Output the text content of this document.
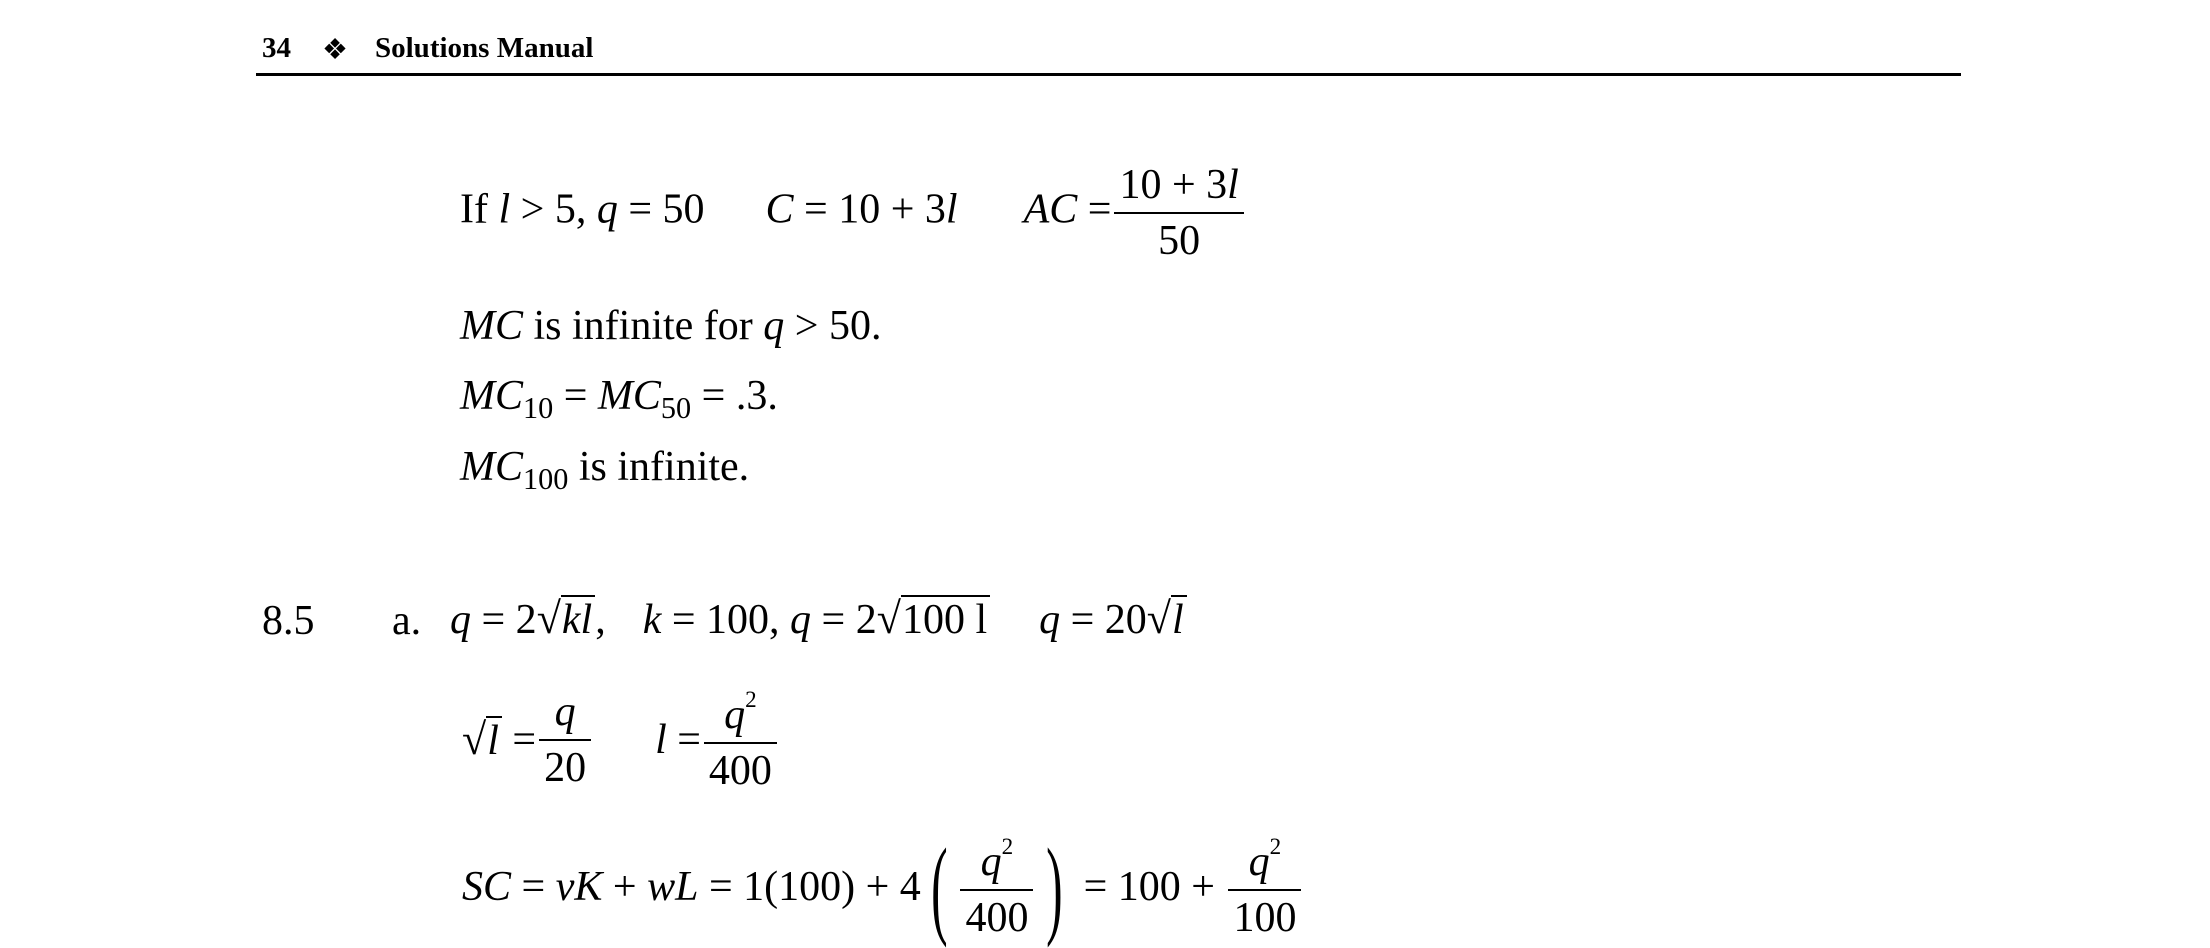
34 ❖ Solutions Manual
If l > 5, q = 50 C = 10 + 3l AC = $\frac{10 + 3l}{50}$
MC is infinite for q > 50.
$MC_{10} = MC_{50} = .3$.
$MC_{100}$ is infinite.
8.5 a. q = 2√kl, k = 100, q = 2√100 l q = 20√l
$√l = \frac{q}{20}$ $l = \frac{q^2}{400}$
SC = vK + wL = $1(100) + 4( \frac{q^2}{400}$ ) = $100 + \frac{q^2}{100}$
